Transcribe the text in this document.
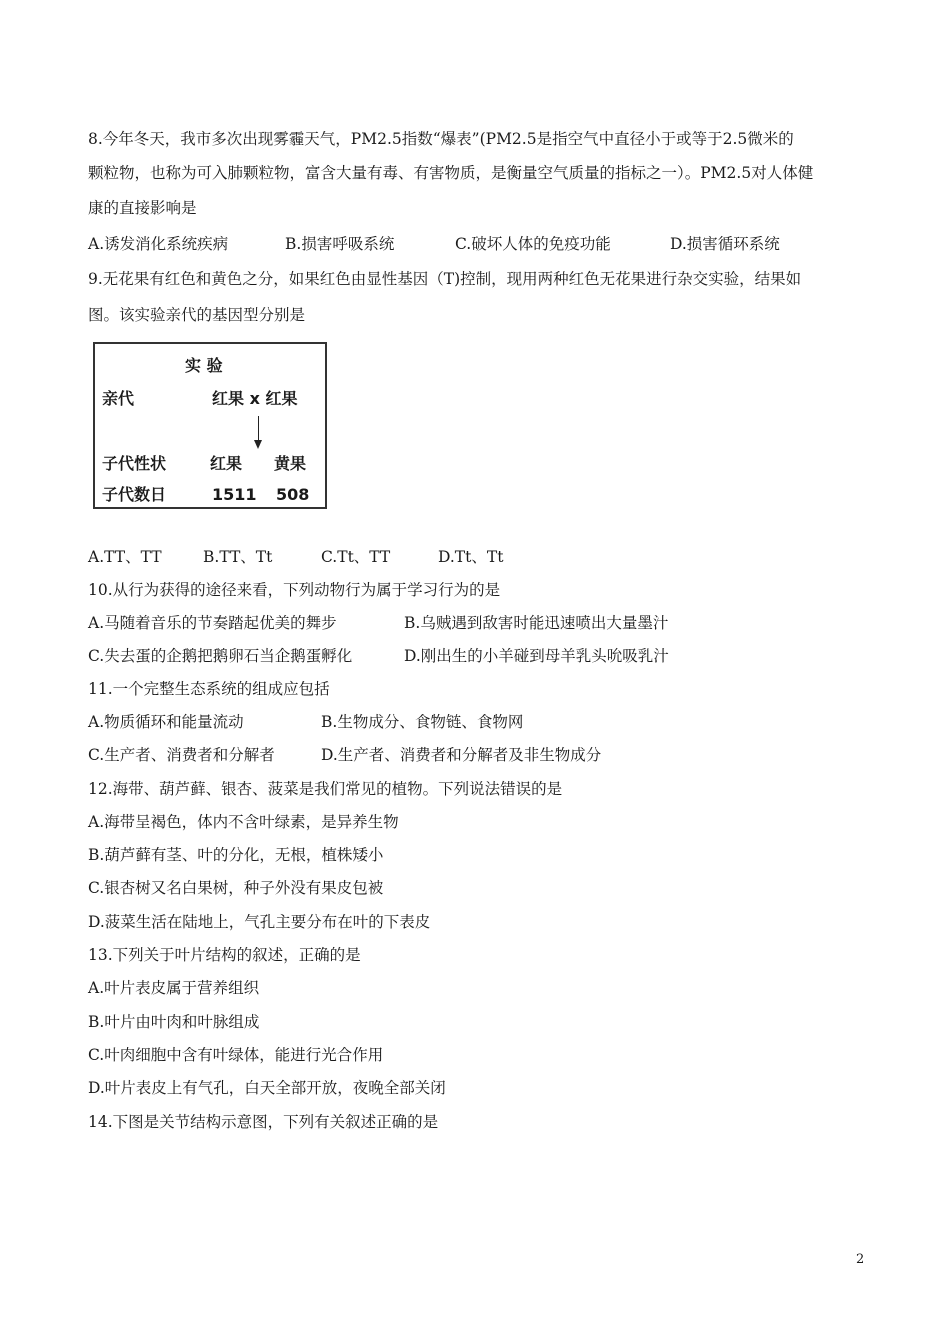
8.今年冬天，我市多次出现雾霾天气，PM2.5指数“爆表”(PM2.5是指空气中直径小于或等于2.5微米的
颗粒物，也称为可入肺颗粒物，富含大量有毒、有害物质，是衡量空气质量的指标之一）。PM2.5对人体健
康的直接影响是
A.诱发消化系统疾病	B.损害呼吸系统	C.破坏人体的免疫功能	D.损害循环系统
9.无花果有红色和黄色之分，如果红色由显性基因（T)控制，现用两种红色无花果进行杂交实验，结果如
图。该实验亲代的基因型分别是
实 验
亲代	红果 x 红果
子代性状	红果 黄果
子代数日	1511 508
A.TT、TT	B.TT、Tt	C.Tt、TT	D.Tt、Tt
10.从行为获得的途径来看，下列动物行为属于学习行为的是
A.马随着音乐的节奏踏起优美的舞步	B.乌贼遇到敌害时能迅速喷出大量墨汁
C.失去蛋的企鹅把鹅卵石当企鹅蛋孵化	D.刚出生的小羊碰到母羊乳头吮吸乳汁
11.一个完整生态系统的组成应包括
A.物质循环和能量流动	B.生物成分、食物链、食物网
C.生产者、消费者和分解者	D.生产者、消费者和分解者及非生物成分
12.海带、葫芦藓、银杏、菠菜是我们常见的植物。下列说法错误的是
A.海带呈褐色，体内不含叶绿素，是异养生物
B.葫芦藓有茎、叶的分化，无根，植株矮小
C.银杏树又名白果树，种子外没有果皮包被
D.菠菜生活在陆地上，气孔主要分布在叶的下表皮
13.下列关于叶片结构的叙述，正确的是
A.叶片表皮属于营养组织
B.叶片由叶肉和叶脉组成
C.叶肉细胞中含有叶绿体，能进行光合作用
D.叶片表皮上有气孔，白天全部开放，夜晚全部关闭
14.下图是关节结构示意图，下列有关叙述正确的是
2
